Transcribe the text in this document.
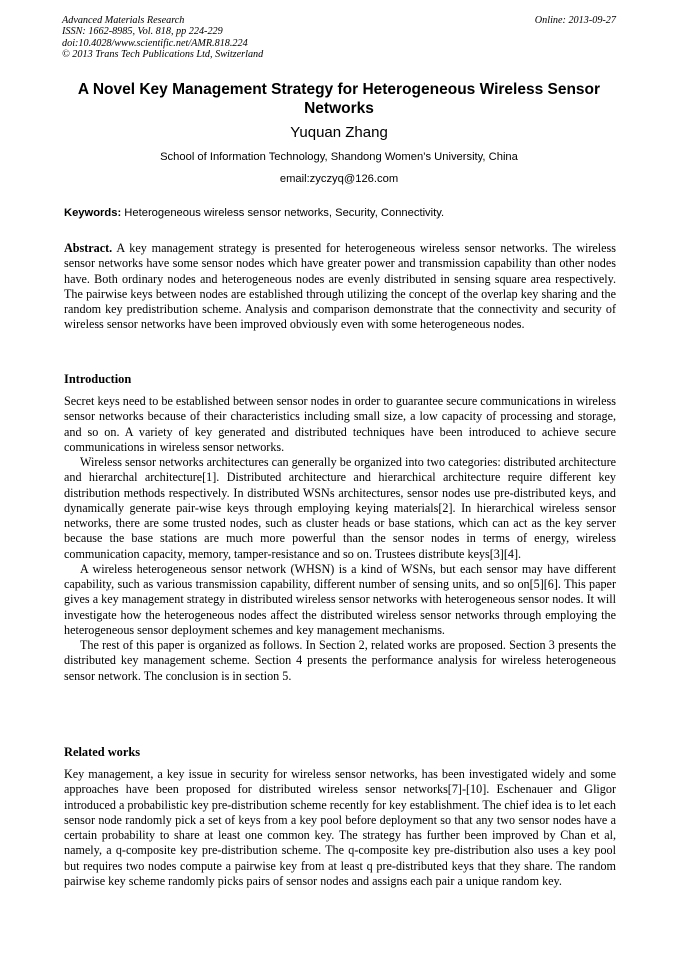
Advanced Materials Research
ISSN: 1662-8985, Vol. 818, pp 224-229
doi:10.4028/www.scientific.net/AMR.818.224
© 2013 Trans Tech Publications Ltd, Switzerland
Online: 2013-09-27
A Novel Key Management Strategy for Heterogeneous Wireless Sensor Networks
Yuquan Zhang
School of Information Technology, Shandong Women’s University, China
email:zyczyq@126.com
Keywords: Heterogeneous wireless sensor networks, Security, Connectivity.
Abstract. A key management strategy is presented for heterogeneous wireless sensor networks. The wireless sensor networks have some sensor nodes which have greater power and transmission capability than other nodes have. Both ordinary nodes and heterogeneous nodes are evenly distributed in sensing square area respectively. The pairwise keys between nodes are established through utilizing the concept of the overlap key sharing and the random key predistribution scheme. Analysis and comparison demonstrate that the connectivity and security of wireless sensor networks have been improved obviously even with some heterogeneous nodes.
Introduction

Secret keys need to be established between sensor nodes in order to guarantee secure communications in wireless sensor networks because of their characteristics including small size, a low capacity of processing and storage, and so on. A variety of key generated and distributed techniques have been introduced to achieve secure communications in wireless sensor networks.

Wireless sensor networks architectures can generally be organized into two categories: distributed architecture and hierarchal architecture[1]. Distributed architecture and hierarchical architecture require different key distribution methods respectively. In distributed WSNs architectures, sensor nodes use pre-distributed keys, and dynamically generate pair-wise keys through employing keying materials[2]. In hierarchical wireless sensor networks, there are some trusted nodes, such as cluster heads or base stations, which can act as the key server because the base stations are much more powerful than the sensor nodes in terms of energy, wireless communication capacity, memory, tamper-resistance and so on. Trustees distribute keys[3][4].

A wireless heterogeneous sensor network (WHSN) is a kind of WSNs, but each sensor may have different capability, such as various transmission capability, different number of sensing units, and so on[5][6]. This paper gives a key management strategy in distributed wireless sensor networks with heterogeneous sensor nodes. It will investigate how the heterogeneous nodes affect the distributed wireless sensor networks through employing the heterogeneous sensor deployment schemes and key management mechanisms.

The rest of this paper is organized as follows. In Section 2, related works are proposed. Section 3 presents the distributed key management scheme. Section 4 presents the performance analysis for wireless heterogeneous sensor network. The conclusion is in section 5.

Related works

Key management, a key issue in security for wireless sensor networks, has been investigated widely and some approaches have been proposed for distributed wireless sensor networks[7]-[10]. Eschenauer and Gligor introduced a probabilistic key pre-distribution scheme recently for key establishment. The chief idea is to let each sensor node randomly pick a set of keys from a key pool before deployment so that any two sensor nodes have a certain probability to share at least one common key. The strategy has further been improved by Chan et al, namely, a q-composite key pre-distribution scheme. The q-composite key pre-distribution also uses a key pool but requires two nodes compute a pairwise key from at least q pre-distributed keys that they share. The random pairwise key scheme randomly picks pairs of sensor nodes and assigns each pair a unique random key.
